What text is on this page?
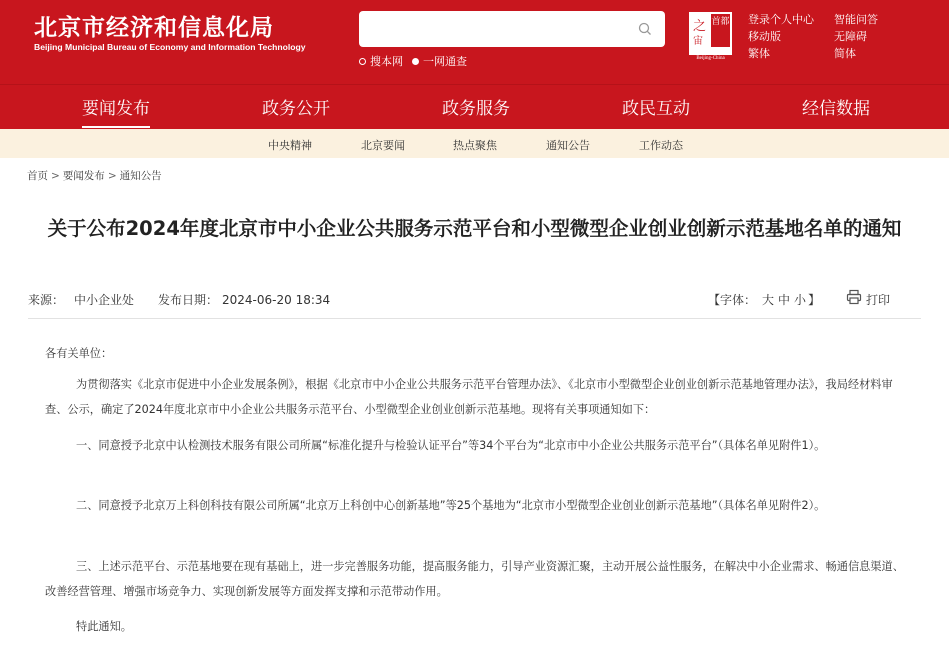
北京市经济和信息化局
Beijing Municipal Bureau of Economy and Information Technology
搜本网 一网通查
之
宙
首都
Beijing-China
登录个人中心 智能问答
移动版	无障碍
繁体	简体
要闻发布	政务公开	政务服务	政民互动	经信数据
中央精神	北京要闻	热点聚焦	通知公告	工作动态
首页 > 要闻发布 > 通知公告
关于公布2024年度北京市中小企业公共服务示范平台和小型微型企业创业创新示范基地名单的通知
来源： 中小企业处 发布日期： 2024-06-20 18:34	【字体： 大 中 小 】	打印

各有关单位：

为贯彻落实《北京市促进中小企业发展条例》，根据《北京市中小企业公共服务示范平台管理办法》、《北京市小型微型企业创业创新示范基地管理办法》，我局经材料审查、公示，确定了2024年度北京市中小企业公共服务示范平台、小型微型企业创业创新示范基地。现将有关事项通知如下：

一、同意授予北京中认检测技术服务有限公司所属“标准化提升与检验认证平台”等34个平台为“北京市中小企业公共服务示范平台”（具体名单见附件1）。

二、同意授予北京万上科创科技有限公司所属“北京万上科创中心创新基地”等25个基地为“北京市小型微型企业创业创新示范基地”（具体名单见附件2）。

三、上述示范平台、示范基地要在现有基础上，进一步完善服务功能，提高服务能力，引导产业资源汇聚，主动开展公益性服务，在解决中小企业需求、畅通信息渠道、改善经营管理、增强市场竞争力、实现创新发展等方面发挥支撑和示范带动作用。

特此通知。
